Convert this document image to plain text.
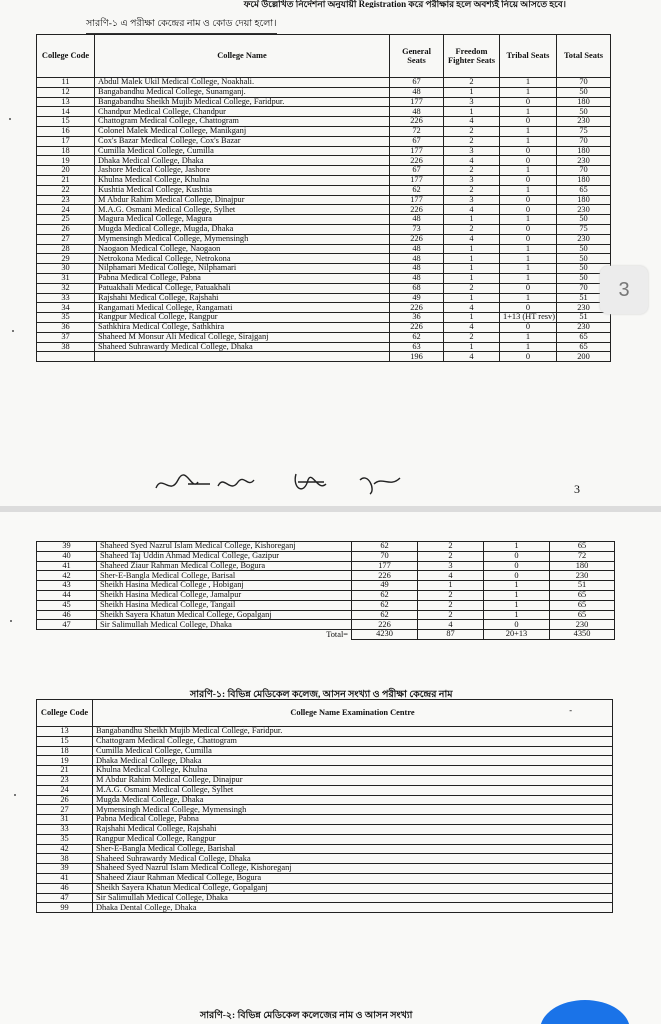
ফর্মে উল্লেখিত নির্দেশনা অনুযায়ী Registration করে পরীক্ষার হলে অবশ্যই নিয়ে আসতে হবে।
সারণি-১ এ পরীক্ষা কেন্দ্রের নাম ও কোড দেয়া হলো।
College Code	College Name	General Seats	Freedom Fighter Seats	Tribal Seats	Total Seats
11	Abdul Malek Ukil Medical College, Noakhali.	67	2	1	70
12	Bangabandhu Medical College, Sunamganj.	48	1	1	50
13	Bangabandhu Sheikh Mujib Medical College, Faridpur.	177	3	0	180
14	Chandpur Medical College, Chandpur	48	1	1	50
15	Chattogram Medical College, Chattogram	226	4	0	230
16	Colonel Malek Medical College, Manikganj	72	2	1	75
17	Cox's Bazar Medical College, Cox's Bazar	67	2	1	70
18	Cumilla Medical College, Cumilla	177	3	0	180
19	Dhaka Medical College, Dhaka	226	4	0	230
20	Jashore Medical College, Jashore	67	2	1	70
21	Khulna Medical College, Khulna	177	3	0	180
22	Kushtia Medical College, Kushtia	62	2	1	65
23	M Abdur Rahim Medical College, Dinajpur	177	3	0	180
24	M.A.G. Osmani Medical College, Sylhet	226	4	0	230
25	Magura Medical College, Magura	48	1	1	50
26	Mugda Medical College, Mugda, Dhaka	73	2	0	75
27	Mymensingh Medical College, Mymensingh	226	4	0	230
28	Naogaon Medical College, Naogaon	48	1	1	50
29	Netrokona Medical College, Netrokona	48	1	1	50
30	Nilphamari Medical College, Nilphamari	48	1	1	50
31	Pabna Medical College, Pabna	48	1	1	50
32	Patuakhali Medical College, Patuakhali	68	2	0	70
33	Rajshahi Medical College, Rajshahi	49	1	1	51
34	Rangamati Medical College, Rangamati	226	4	0	230
35	Rangpur Medical College, Rangpur	36	1	1+13 (HT resv)	51
36	Sathkhira Medical College, Sathkhira	226	4	0	230
37	Shaheed M Monsur Ali Medical College, Sirajganj	62	2	1	65
38	Shaheed Suhrawardy Medical College, Dhaka	63	1	1	65
		196	4	0	200
3
3
39	Shaheed Syed Nazrul Islam Medical College, Kishoreganj	62	2	1	65
40	Shaheed Taj Uddin Ahmad Medical College, Gazipur	70	2	0	72
41	Shaheed Ziaur Rahman Medical College, Bogura	177	3	0	180
42	Sher-E-Bangla Medical College, Barisal	226	4	0	230
43	Sheikh Hasina Medical College , Hobiganj	49	1	1	51
44	Sheikh Hasina Medical College, Jamalpur	62	2	1	65
45	Sheikh Hasina Medical College, Tangail	62	2	1	65
46	Sheikh Sayera Khatun Medical College, Gopalganj	62	2	1	65
47	Sir Salimullah Medical College, Dhaka	226	4	0	230
	Total=	4230	87	20+13	4350
সারণি-১: বিভিন্ন মেডিকেল কলেজ, আসন সংখ্যা ও পরীক্ষা কেন্দ্রের নাম
College Code	College Name Examination Centre -

13	Bangabandhu Sheikh Mujib Medical College, Faridpur.
15	Chattogram Medical College, Chattogram
18	Cumilla Medical College, Cumilla
19	Dhaka Medical College, Dhaka
21	Khulna Medical College, Khulna
23	M Abdur Rahim Medical College, Dinajpur
24	M.A.G. Osmani Medical College, Sylhet
26	Mugda Medical College, Dhaka
27	Mymensingh Medical College, Mymensingh
31	Pabna Medical College, Pabna
33	Rajshahi Medical College, Rajshahi
35	Rangpur Medical College, Rangpur
42	Sher-E-Bangla Medical College, Barishal
38	Shaheed Suhrawardy Medical College, Dhaka
39	Shaheed Syed Nazrul Islam Medical College, Kishoreganj
41	Shaheed Ziaur Rahman Medical College, Bogura
46	Sheikh Sayera Khatun Medical College, Gopalganj
47	Sir Salimullah Medical College, Dhaka
99	Dhaka Dental College, Dhaka
সারণি-২: বিভিন্ন মেডিকেল কলেজের নাম ও আসন সংখ্যা
